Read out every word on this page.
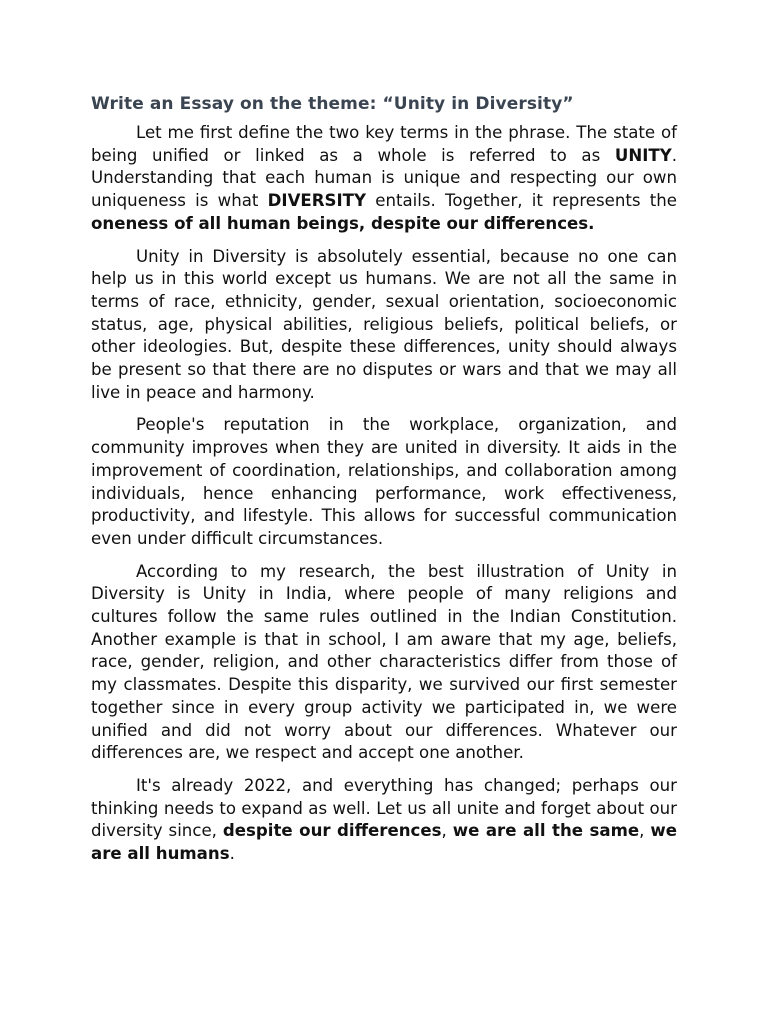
Write an Essay on the theme: “Unity in Diversity”

Let me first define the two key terms in the phrase. The state of being unified or linked as a whole is referred to as UNITY. Understanding that each human is unique and respecting our own uniqueness is what DIVERSITY entails. Together, it represents the oneness of all human beings, despite our differences.

Unity in Diversity is absolutely essential, because no one can help us in this world except us humans. We are not all the same in terms of race, ethnicity, gender, sexual orientation, socioeconomic status, age, physical abilities, religious beliefs, political beliefs, or other ideologies. But, despite these differences, unity should always be present so that there are no disputes or wars and that we may all live in peace and harmony.

People's reputation in the workplace, organization, and community improves when they are united in diversity. It aids in the improvement of coordination, relationships, and collaboration among individuals, hence enhancing performance, work effectiveness, productivity, and lifestyle. This allows for successful communication even under difficult circumstances.

According to my research, the best illustration of Unity in Diversity is Unity in India, where people of many religions and cultures follow the same rules outlined in the Indian Constitution. Another example is that in school, I am aware that my age, beliefs, race, gender, religion, and other characteristics differ from those of my classmates. Despite this disparity, we survived our first semester together since in every group activity we participated in, we were unified and did not worry about our differences. Whatever our differences are, we respect and accept one another.

It's already 2022, and everything has changed; perhaps our thinking needs to expand as well. Let us all unite and forget about our diversity since, despite our differences, we are all the same, we are all humans.
